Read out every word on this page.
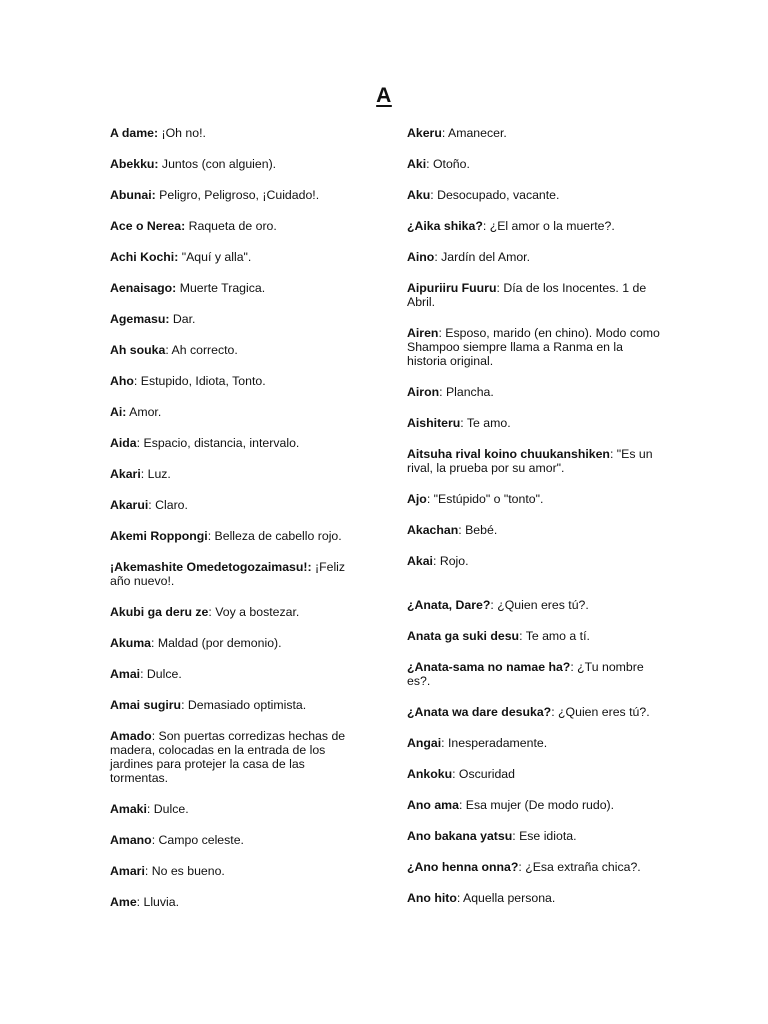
A
A dame: ¡Oh no!.
Abekku: Juntos (con alguien).
Abunai: Peligro, Peligroso, ¡Cuidado!.
Ace o Nerea: Raqueta de oro.
Achi Kochi: "Aquí y alla".
Aenaisago: Muerte Tragica.
Agemasu: Dar.
Ah souka: Ah correcto.
Aho: Estupido, Idiota, Tonto.
Ai: Amor.
Aida: Espacio, distancia, intervalo.
Akari: Luz.
Akarui: Claro.
Akemi Roppongi: Belleza de cabello rojo.
¡Akemashite Omedetogozaimasu!: ¡Feliz año nuevo!.
Akubi ga deru ze: Voy a bostezar.
Akuma: Maldad (por demonio).
Amai: Dulce.
Amai sugiru: Demasiado optimista.
Amado: Son puertas corredizas hechas de madera, colocadas en la entrada de los jardines para protejer la casa de las tormentas.
Amaki: Dulce.
Amano: Campo celeste.
Amari: No es bueno.
Ame: Lluvia.
Akeru: Amanecer.
Aki: Otoño.
Aku: Desocupado, vacante.
¿Aika shika?: ¿El amor o la muerte?.
Aino: Jardín del Amor.
Aipuriiru Fuuru: Día de los Inocentes. 1 de Abril.
Airen: Esposo, marido (en chino). Modo como Shampoo siempre llama a Ranma en la historia original.
Airon: Plancha.
Aishiteru: Te amo.
Aitsuha rival koino chuukanshiken: "Es un rival, la prueba por su amor".
Ajo: "Estúpido" o "tonto".
Akachan: Bebé.
Akai: Rojo.
¿Anata, Dare?: ¿Quien eres tú?.
Anata ga suki desu: Te amo a tí.
¿Anata-sama no namae ha?: ¿Tu nombre es?.
¿Anata wa dare desuka?: ¿Quien eres tú?.
Angai: Inesperadamente.
Ankoku: Oscuridad
Ano ama: Esa mujer (De modo rudo).
Ano bakana yatsu: Ese idiota.
¿Ano henna onna?: ¿Esa extraña chica?.
Ano hito: Aquella persona.
